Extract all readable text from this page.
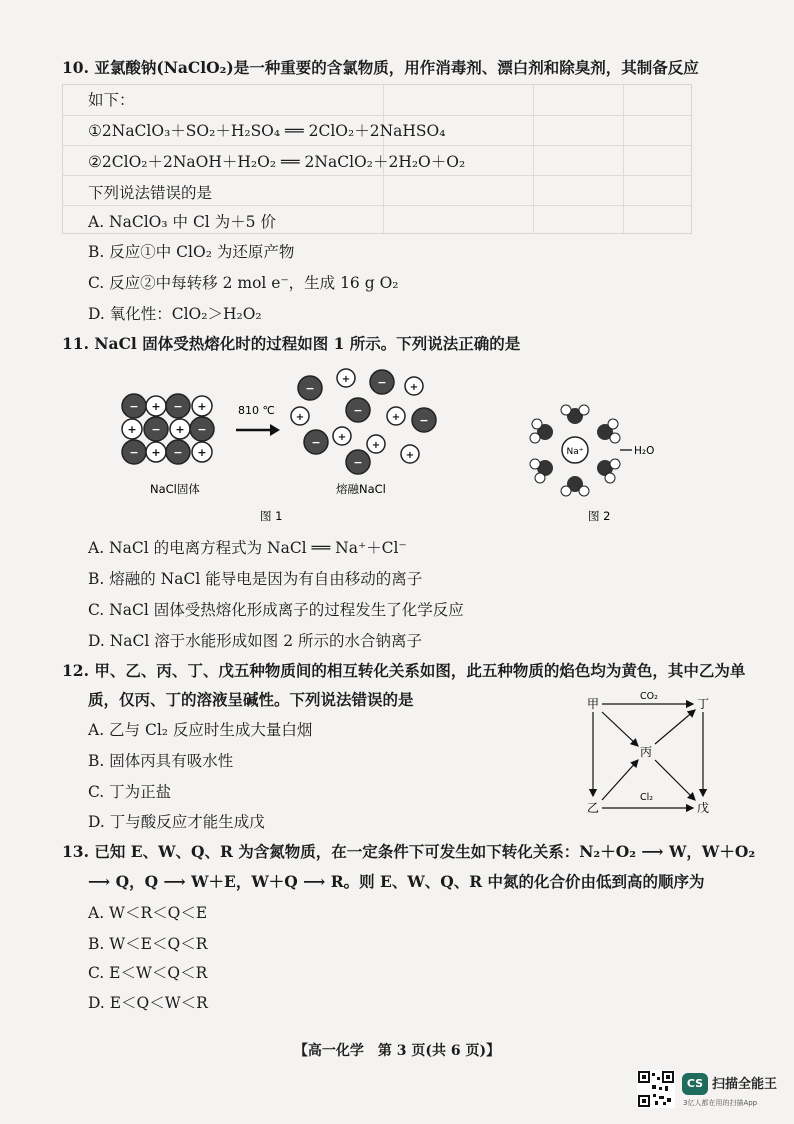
10. 亚氯酸钠(NaClO₂)是一种重要的含氯物质，用作消毒剂、漂白剂和除臭剂，其制备反应
如下：
①2NaClO₃＋SO₂＋H₂SO₄ ══ 2ClO₂＋2NaHSO₄
②2ClO₂＋2NaOH＋H₂O₂ ══ 2NaClO₂＋2H₂O＋O₂
下列说法错误的是
A. NaClO₃ 中 Cl 为＋5 价
B. 反应①中 ClO₂ 为还原产物
C. 反应②中每转移 2 mol e⁻，生成 16 g O₂
D. 氧化性：ClO₂＞H₂O₂
11. NaCl 固体受热熔化时的过程如图 1 所示。下列说法正确的是
−	−
−	−
−	−
+	+
+	+
+	+
NaCl固体
810 ℃
−	−
−
−
−
−
+
+
+	+
+
+
+
熔融NaCl
图 1
Na⁺	H₂O
图 2
A. NaCl 的电离方程式为 NaCl ══ Na⁺＋Cl⁻
B. 熔融的 NaCl 能导电是因为有自由移动的离子
C. NaCl 固体受热熔化形成离子的过程发生了化学反应
D. NaCl 溶于水能形成如图 2 所示的水合钠离子
12. 甲、乙、丙、丁、戊五种物质间的相互转化关系如图，此五种物质的焰色均为黄色，其中乙为单
质，仅丙、丁的溶液呈碱性。下列说法错误的是
A. 乙与 Cl₂ 反应时生成大量白烟
B. 固体丙具有吸水性
C. 丁为正盐
D. 丁与酸反应才能生成戊
甲	丁
丙
乙	戊
CO₂
Cl₂
13. 已知 E、W、Q、R 为含氮物质，在一定条件下可发生如下转化关系：N₂＋O₂ ⟶ W，W＋O₂
⟶ Q，Q ⟶ W＋E，W＋Q ⟶ R。则 E、W、Q、R 中氮的化合价由低到高的顺序为
A. W＜R＜Q＜E
B. W＜E＜Q＜R
C. E＜W＜Q＜R
D. E＜Q＜W＜R
【高一化学　第 3 页(共 6 页)】
CS 扫描全能王
3亿人都在用的扫描App
